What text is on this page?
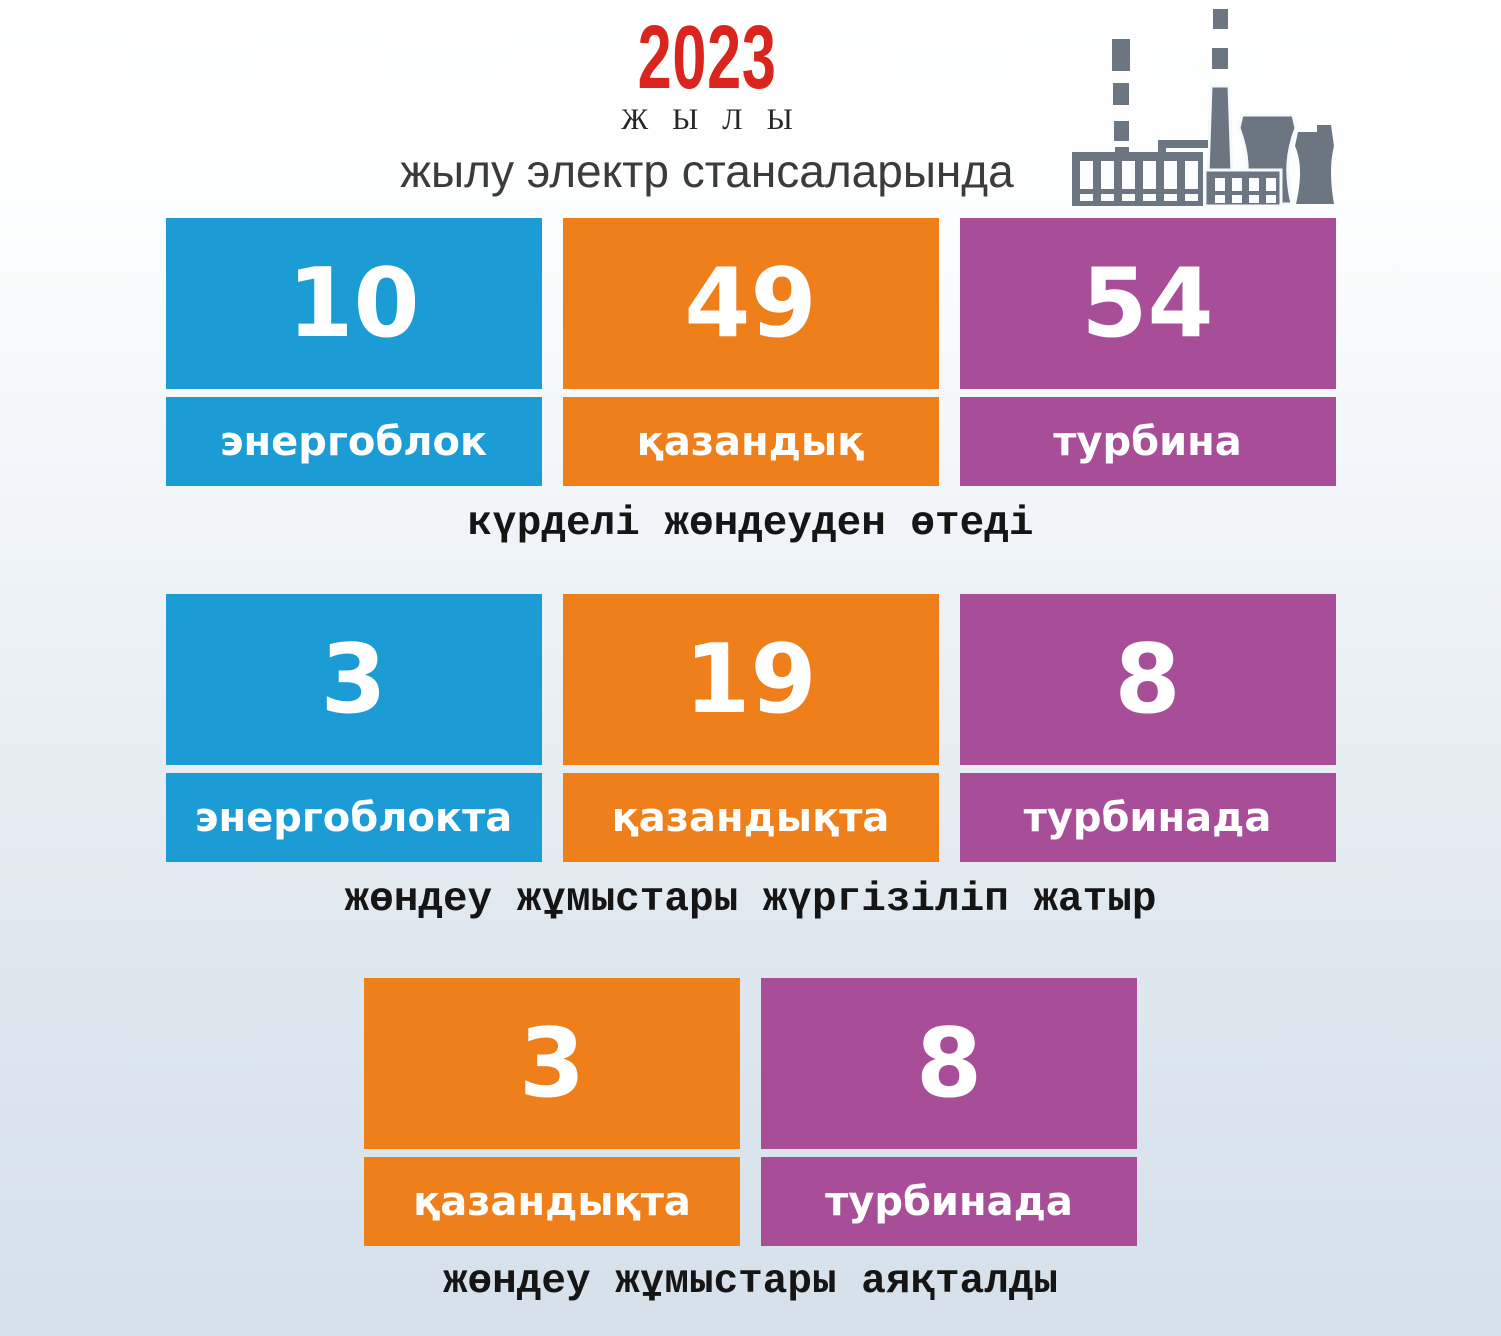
2023
ЖЫЛЫ
жылу электр стансаларында
10
энергоблок
49
қазандық
54
турбина
күрделі жөндеуден өтеді
3
энергоблокта
19
қазандықта
8
турбинада
жөндеу жұмыстары жүргізіліп жатыр
3
қазандықта
8
турбинада
жөндеу жұмыстары аяқталды
